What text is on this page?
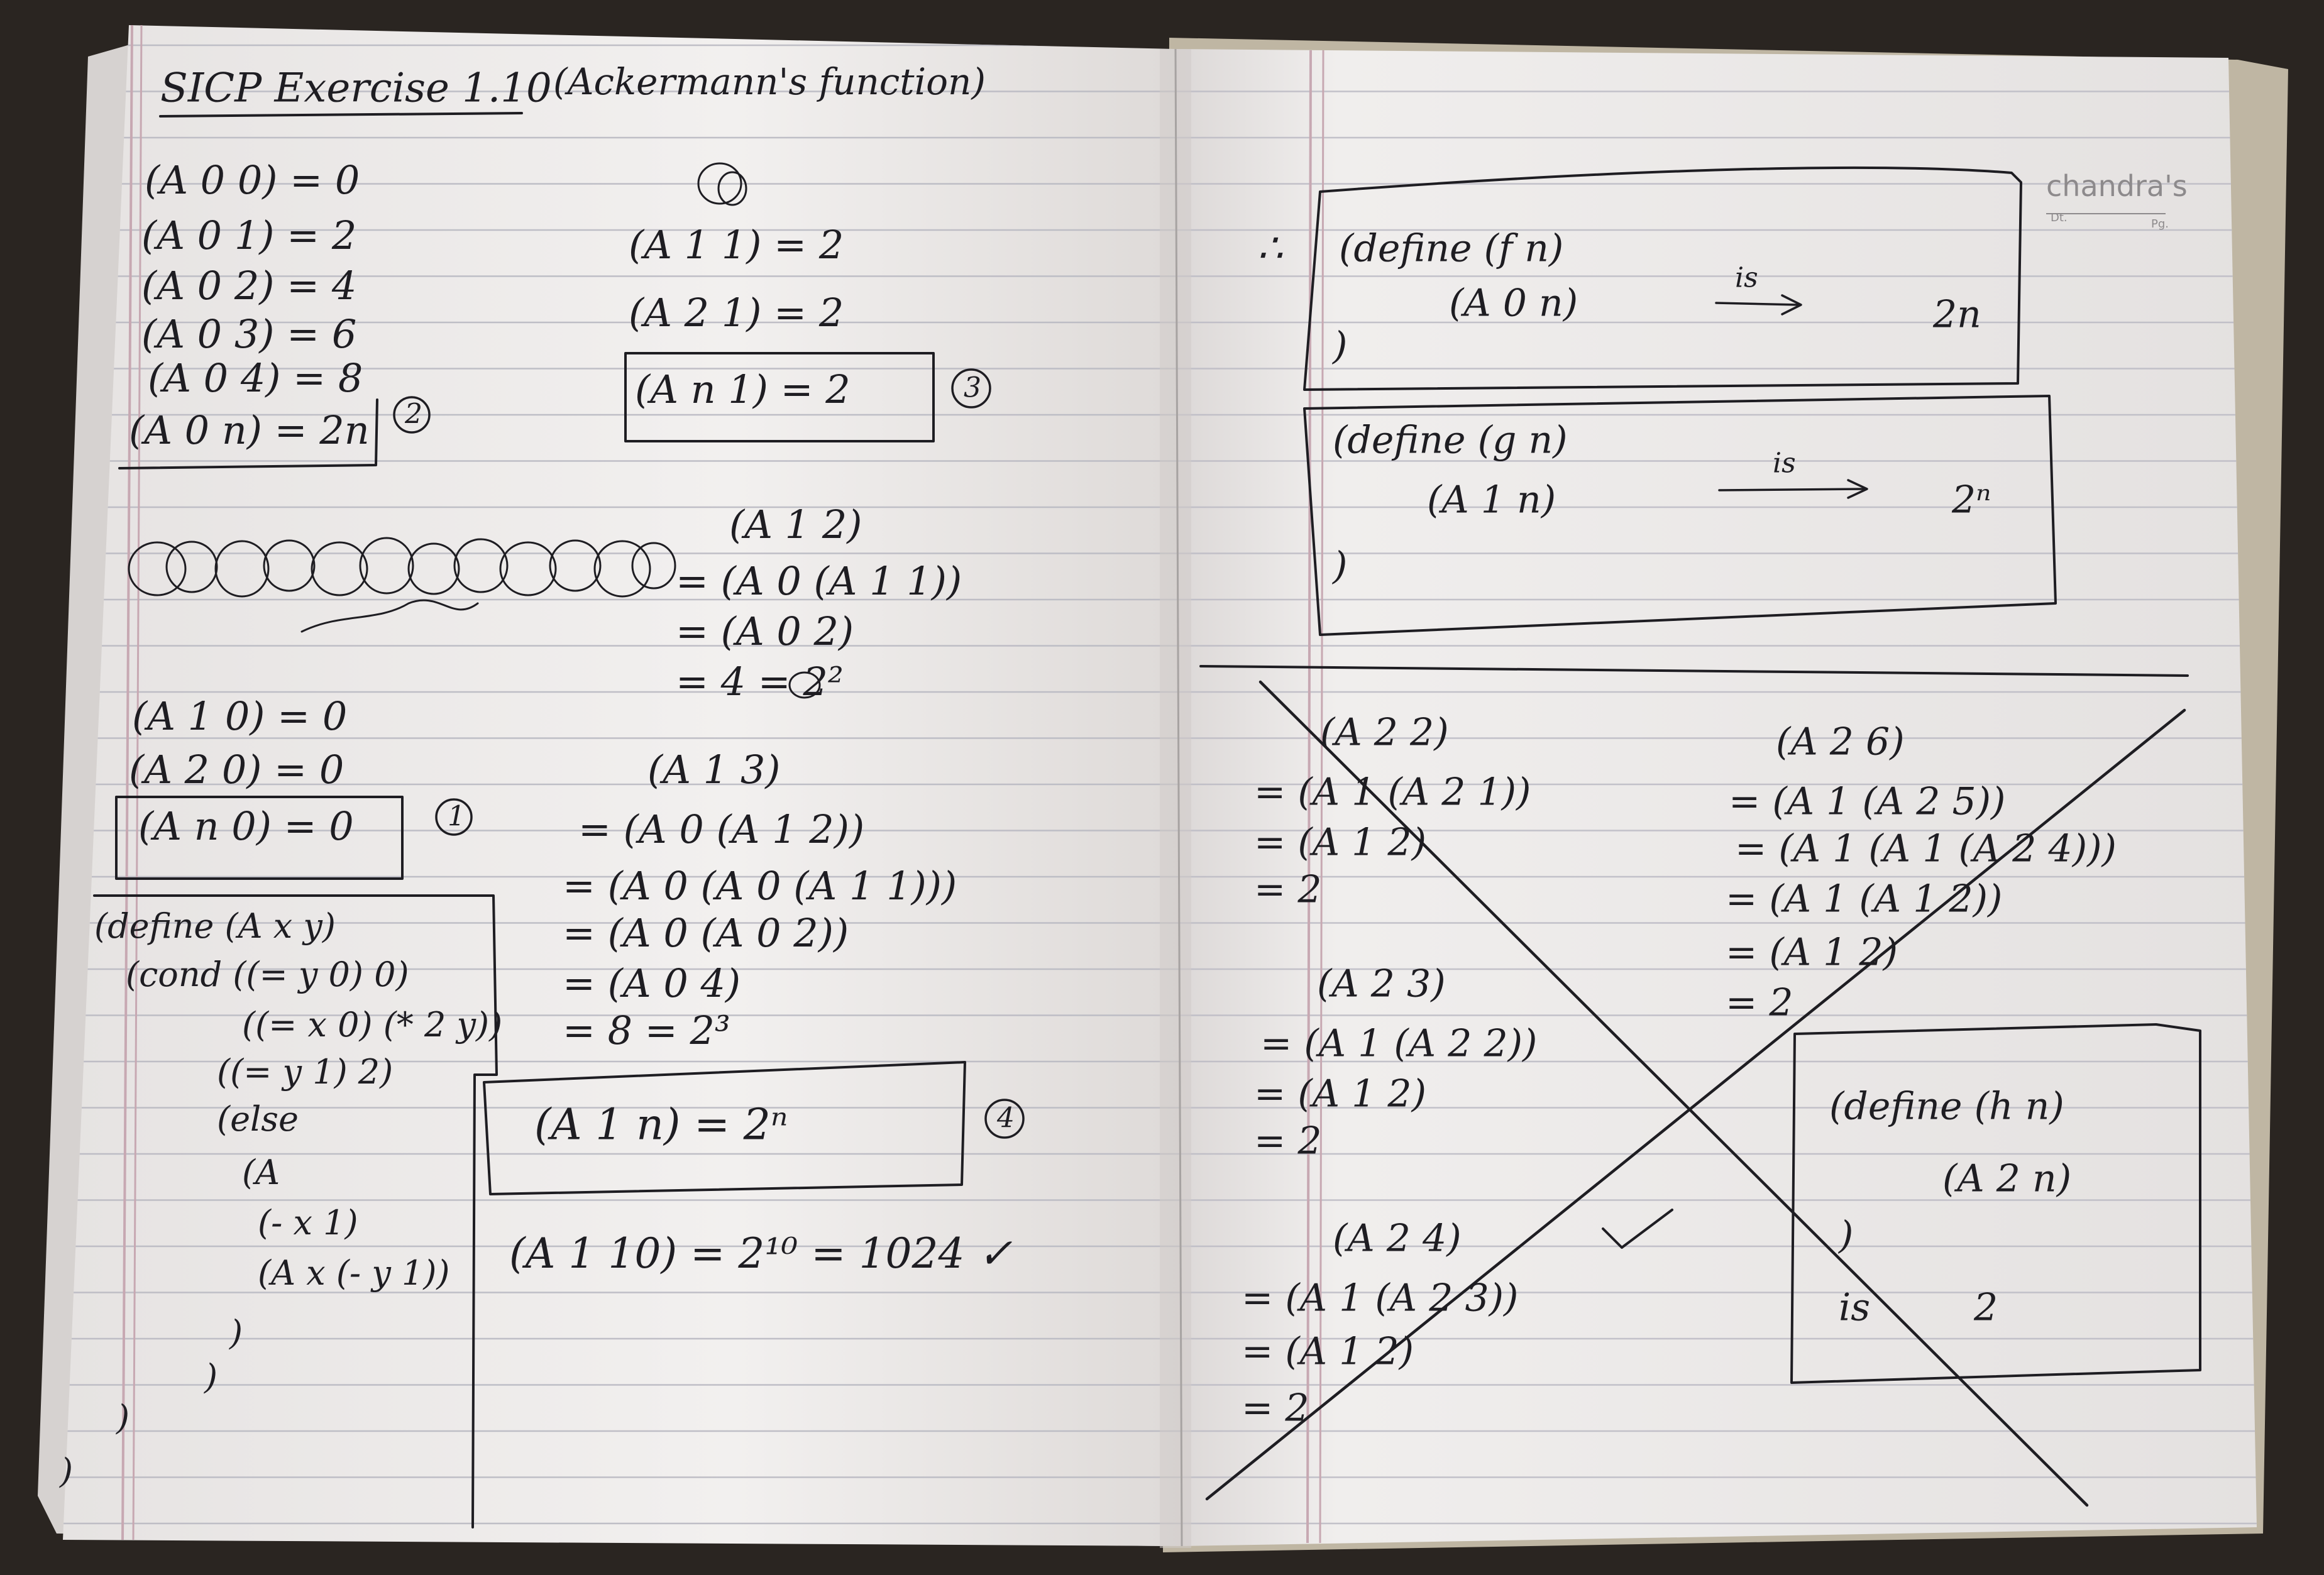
SICP Exercise 1.10 (Ackermann's function)
(A 0 0) = 0
(A 0 1) = 2
(A 0 2) = 4
(A 0 3) = 6
(A 0 4) = 8
(A 0 n) = 2n 2
(A 1 1) = 2
(A 2 1) = 2
(A n 1) = 2	3
(A 1 2)
= (A 0 (A 1 1))
= (A 0 2)
= 4 = 2²
(A 1 0) = 0
(A 2 0) = 0
(A n 0) = 0	1
(A 1 3)
= (A 0 (A 1 2))
= (A 0 (A 0 (A 1 1)))
= (A 0 (A 0 2))
= (A 0 4)
= 8 = 2³
(define (A x y)
(cond ((= y 0) 0)
((= x 0) (* 2 y))
((= y 1) 2)
(else
(A
(- x 1)
(A x (- y 1))
)
)
)
)
(A 1 n) = 2ⁿ	4
(A 1 10) = 2¹⁰ = 1024 ✓
chandra's
Dt.	Pg.
∴ (define (f n)
(A 0 n)
)
is
2n
(define (g n)
(A 1 n)
)
is
2ⁿ
(A 2 2)
= (A 1 (A 2 1))
= (A 1 2)
= 2
(A 2 3)
= (A 1 (A 2 2))
= (A 1 2)
= 2
(A 2 4)
= (A 1 (A 2 3))
= (A 1 2)
= 2
(A 2 6)
= (A 1 (A 2 5))
= (A 1 (A 1 (A 2 4)))
= (A 1 (A 1 2))
= (A 1 2)
= 2
(define (h n)
(A 2 n)
)
is	2
